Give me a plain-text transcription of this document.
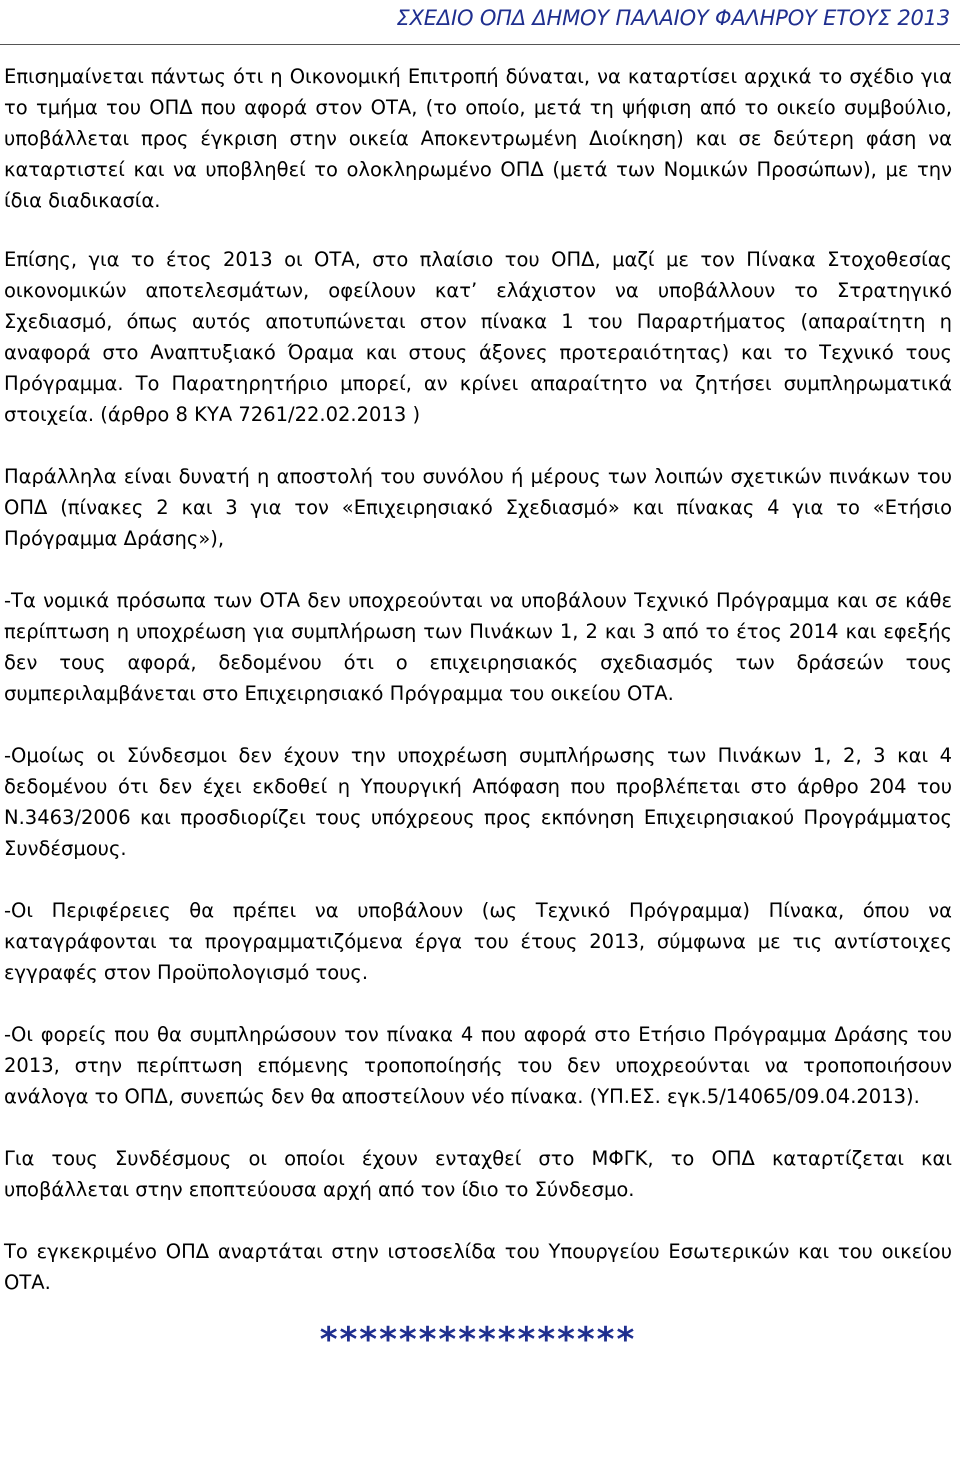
ΣΧΕΔΙΟ ΟΠΔ ΔΗΜΟΥ ΠΑΛΑΙΟΥ ΦΑΛΗΡΟΥ ΕΤΟΥΣ 2013

Επισημαίνεται πάντως ότι η Οικονομική Επιτροπή δύναται, να καταρτίσει αρχικά το σχέδιο για το τμήμα του ΟΠΔ που αφορά στον ΟΤΑ, (το οποίο, μετά τη ψήφιση από το οικείο συμβούλιο, υποβάλλεται προς έγκριση στην οικεία Αποκεντρωμένη Διοίκηση) και σε δεύτερη φάση να καταρτιστεί και να υποβληθεί το ολοκληρωμένο ΟΠΔ (μετά των Νομικών Προσώπων), με την ίδια διαδικασία.

Επίσης, για το έτος 2013 οι ΟΤΑ, στο πλαίσιο του ΟΠΔ, μαζί με τον Πίνακα Στοχοθεσίας οικονομικών αποτελεσμάτων, οφείλουν κατ’ ελάχιστον να υποβάλλουν το Στρατηγικό Σχεδιασμό, όπως αυτός αποτυπώνεται στον πίνακα 1 του Παραρτήματος (απαραίτητη η αναφορά στο Αναπτυξιακό Όραμα και στους άξονες προτεραιότητας) και το Τεχνικό τους Πρόγραμμα. Το Παρατηρητήριο μπορεί, αν κρίνει απαραίτητο να ζητήσει συμπληρωματικά στοιχεία. (άρθρο 8 ΚΥΑ 7261/22.02.2013 )

Παράλληλα είναι δυνατή η αποστολή του συνόλου ή μέρους των λοιπών σχετικών πινάκων του ΟΠΔ (πίνακες 2 και 3 για τον «Επιχειρησιακό Σχεδιασμό» και πίνακας 4 για το «Ετήσιο Πρόγραμμα Δράσης»),

-Τα νομικά πρόσωπα των ΟΤΑ δεν υποχρεούνται να υποβάλουν Τεχνικό Πρόγραμμα και σε κάθε περίπτωση η υποχρέωση για συμπλήρωση των Πινάκων 1, 2 και 3 από το έτος 2014 και εφεξής δεν τους αφορά, δεδομένου ότι ο επιχειρησιακός σχεδιασμός των δράσεών τους συμπεριλαμβάνεται στο Επιχειρησιακό Πρόγραμμα του οικείου ΟΤΑ.

-Ομοίως οι Σύνδεσμοι δεν έχουν την υποχρέωση συμπλήρωσης των Πινάκων 1, 2, 3 και 4 δεδομένου ότι δεν έχει εκδοθεί η Υπουργική Απόφαση που προβλέπεται στο άρθρο 204 του Ν.3463/2006 και προσδιορίζει τους υπόχρεους προς εκπόνηση Επιχειρησιακού Προγράμματος Συνδέσμους.

-Οι Περιφέρειες θα πρέπει να υποβάλουν (ως Τεχνικό Πρόγραμμα) Πίνακα, όπου να καταγράφονται τα προγραμματιζόμενα έργα του έτους 2013, σύμφωνα με τις αντίστοιχες εγγραφές στον Προϋπολογισμό τους.

-Οι φορείς που θα συμπληρώσουν τον πίνακα 4 που αφορά στο Ετήσιο Πρόγραμμα Δράσης του 2013, στην περίπτωση επόμενης τροποποίησής του δεν υποχρεούνται να τροποποιήσουν ανάλογα το ΟΠΔ, συνεπώς δεν θα αποστείλουν νέο πίνακα. (ΥΠ.ΕΣ. εγκ.5/14065/09.04.2013).

Για τους Συνδέσμους οι οποίοι έχουν ενταχθεί στο ΜΦΓΚ, το ΟΠΔ καταρτίζεται και υποβάλλεται στην εποπτεύουσα αρχή από τον ίδιο το Σύνδεσμο.

Το εγκεκριμένο ΟΠΔ αναρτάται στην ιστοσελίδα του Υπουργείου Εσωτερικών και του οικείου ΟΤΑ.

****************
